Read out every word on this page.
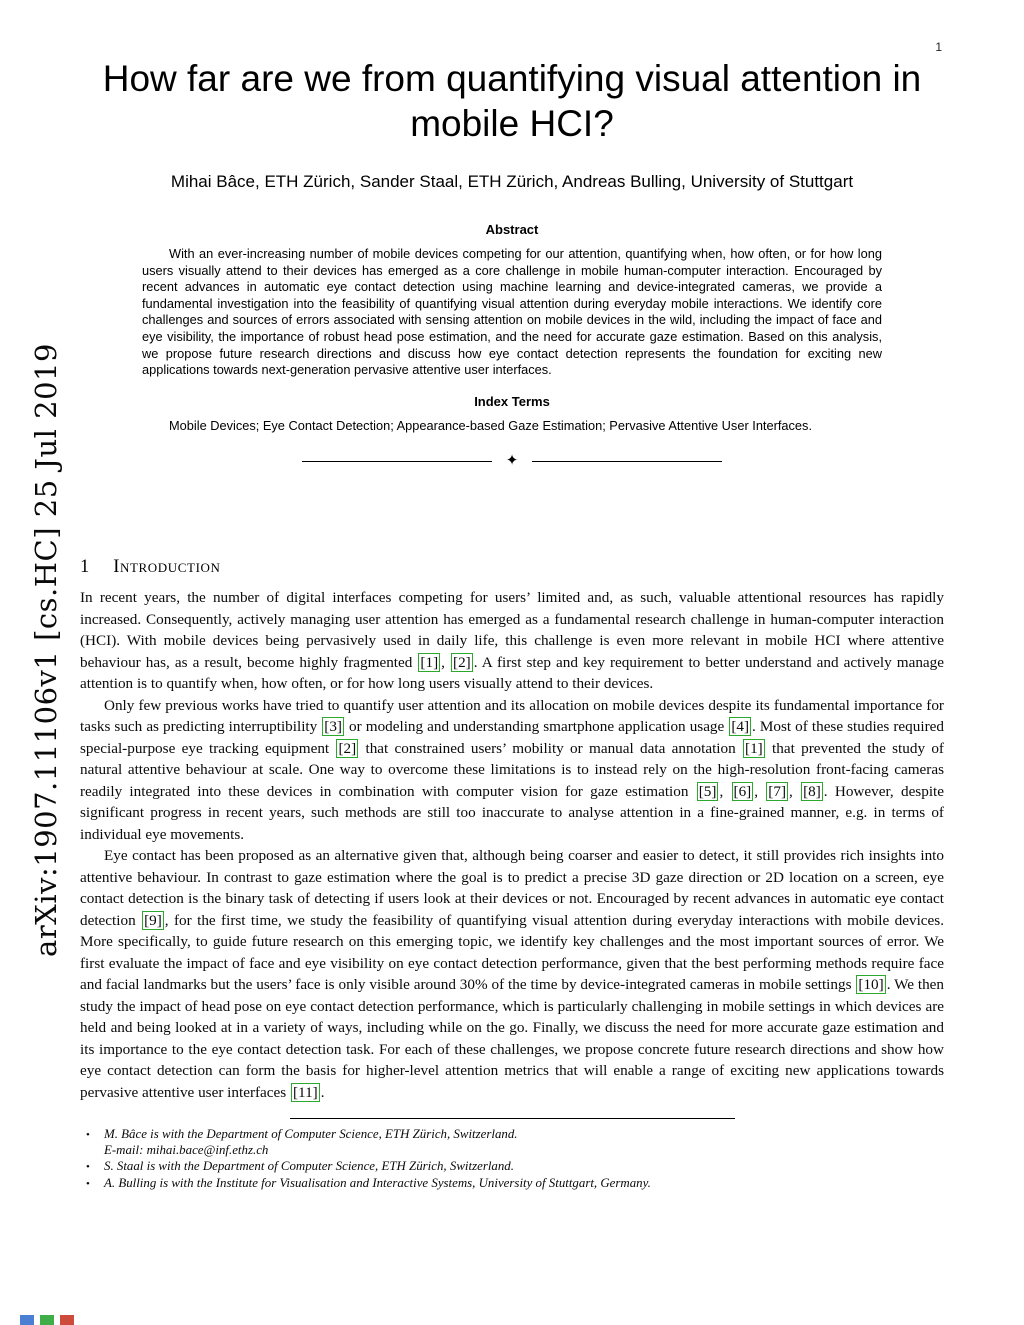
1
arXiv:1907.11106v1 [cs.HC] 25 Jul 2019
How far are we from quantifying visual attention in mobile HCI?
Mihai Bâce, ETH Zürich, Sander Staal, ETH Zürich, Andreas Bulling, University of Stuttgart
Abstract
With an ever-increasing number of mobile devices competing for our attention, quantifying when, how often, or for how long users visually attend to their devices has emerged as a core challenge in mobile human-computer interaction. Encouraged by recent advances in automatic eye contact detection using machine learning and device-integrated cameras, we provide a fundamental investigation into the feasibility of quantifying visual attention during everyday mobile interactions. We identify core challenges and sources of errors associated with sensing attention on mobile devices in the wild, including the impact of face and eye visibility, the importance of robust head pose estimation, and the need for accurate gaze estimation. Based on this analysis, we propose future research directions and discuss how eye contact detection represents the foundation for exciting new applications towards next-generation pervasive attentive user interfaces.
Index Terms
Mobile Devices; Eye Contact Detection; Appearance-based Gaze Estimation; Pervasive Attentive User Interfaces.
✦
1 Introduction

In recent years, the number of digital interfaces competing for users’ limited and, as such, valuable attentional resources has rapidly increased. Consequently, actively managing user attention has emerged as a fundamental research challenge in human-computer interaction (HCI). With mobile devices being pervasively used in daily life, this challenge is even more relevant in mobile HCI where attentive behaviour has, as a result, become highly fragmented [1] , [2] . A first step and key requirement to better understand and actively manage attention is to quantify when, how often, or for how long users visually attend to their devices.

Only few previous works have tried to quantify user attention and its allocation on mobile devices despite its fundamental importance for tasks such as predicting interruptibility [3] or modeling and understanding smartphone application usage [4] . Most of these studies required special-purpose eye tracking equipment [2] that constrained users’ mobility or manual data annotation [1] that prevented the study of natural attentive behaviour at scale. One way to overcome these limitations is to instead rely on the high-resolution front-facing cameras readily integrated into these devices in combination with computer vision for gaze estimation [5] , [6] , [7] , [8] . However, despite significant progress in recent years, such methods are still too inaccurate to analyse attention in a fine-grained manner, e.g. in terms of individual eye movements.

Eye contact has been proposed as an alternative given that, although being coarser and easier to detect, it still provides rich insights into attentive behaviour. In contrast to gaze estimation where the goal is to predict a precise 3D gaze direction or 2D location on a screen, eye contact detection is the binary task of detecting if users look at their devices or not. Encouraged by recent advances in automatic eye contact detection [9] , for the first time, we study the feasibility of quantifying visual attention during everyday interactions with mobile devices. More specifically, to guide future research on this emerging topic, we identify key challenges and the most important sources of error. We first evaluate the impact of face and eye visibility on eye contact detection performance, given that the best performing methods require face and facial landmarks but the users’ face is only visible around 30% of the time by device-integrated cameras in mobile settings [10] . We then study the impact of head pose on eye contact detection performance, which is particularly challenging in mobile settings in which devices are held and being looked at in a variety of ways, including while on the go. Finally, we discuss the need for more accurate gaze estimation and its importance to the eye contact detection task. For each of these challenges, we propose concrete future research directions and show how eye contact detection can form the basis for higher-level attention metrics that will enable a range of exciting new applications towards pervasive attentive user interfaces [11] .

•	M. Bâce is with the Department of Computer Science, ETH Zürich, Switzerland.
E-mail: mihai.bace@inf.ethz.ch
•	S. Staal is with the Department of Computer Science, ETH Zürich, Switzerland.
•	A. Bulling is with the Institute for Visualisation and Interactive Systems, University of Stuttgart, Germany.
